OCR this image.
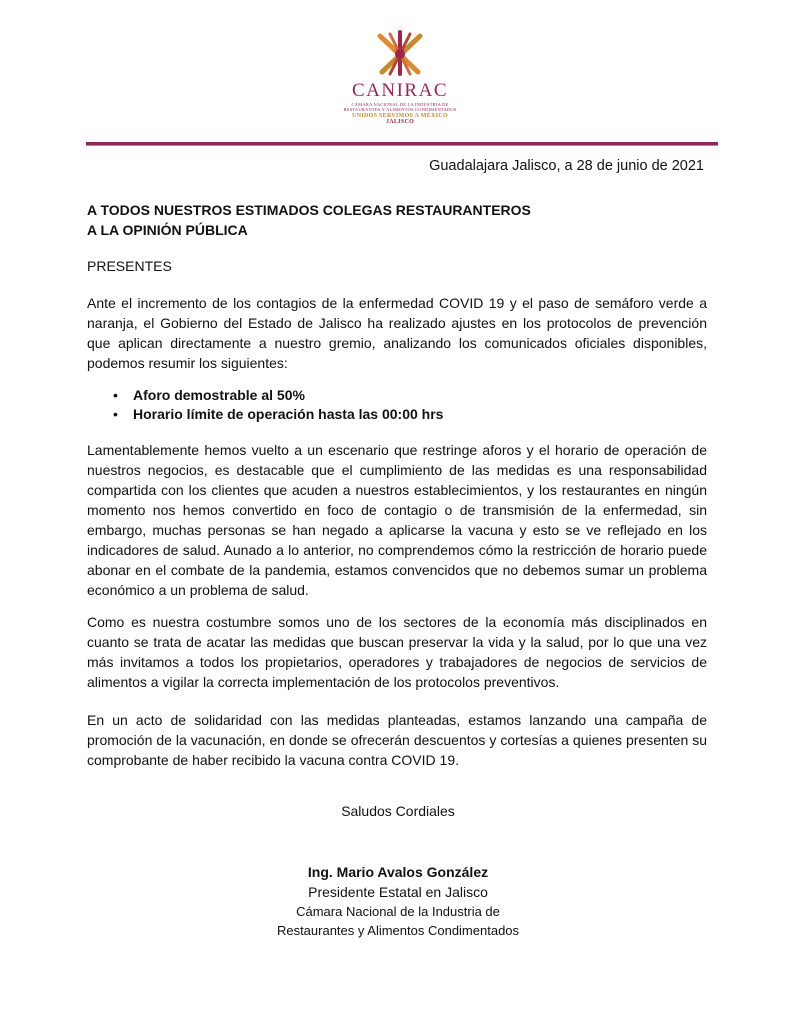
CANIRAC
CÁMARA NACIONAL DE LA INDUSTRIA DE
RESTAURANTES Y ALIMENTOS CONDIMENTADOS
UNIDOS SERVIMOS A MÉXICO
JALISCO
Guadalajara Jalisco, a 28 de junio de 2021
A TODOS NUESTROS ESTIMADOS COLEGAS RESTAURANTEROS
A LA OPINIÓN PÚBLICA
PRESENTES

Ante el incremento de los contagios de la enfermedad COVID 19 y el paso de semáforo verde a naranja, el Gobierno del Estado de Jalisco ha realizado ajustes en los protocolos de prevención que aplican directamente a nuestro gremio, analizando los comunicados oficiales disponibles, podemos resumir los siguientes:

• Aforo demostrable al 50%
• Horario límite de operación hasta las 00:00 hrs

Lamentablemente hemos vuelto a un escenario que restringe aforos y el horario de operación de nuestros negocios, es destacable que el cumplimiento de las medidas es una responsabilidad compartida con los clientes que acuden a nuestros establecimientos, y los restaurantes en ningún momento nos hemos convertido en foco de contagio o de transmisión de la enfermedad, sin embargo, muchas personas se han negado a aplicarse la vacuna y esto se ve reflejado en los indicadores de salud. Aunado a lo anterior, no comprendemos cómo la restricción de horario puede abonar en el combate de la pandemia, estamos convencidos que no debemos sumar un problema económico a un problema de salud.

Como es nuestra costumbre somos uno de los sectores de la economía más disciplinados en cuanto se trata de acatar las medidas que buscan preservar la vida y la salud, por lo que una vez más invitamos a todos los propietarios, operadores y trabajadores de negocios de servicios de alimentos a vigilar la correcta implementación de los protocolos preventivos.

En un acto de solidaridad con las medidas planteadas, estamos lanzando una campaña de promoción de la vacunación, en donde se ofrecerán descuentos y cortesías a quienes presenten su comprobante de haber recibido la vacuna contra COVID 19.

Saludos Cordiales
Ing. Mario Avalos González
Presidente Estatal en Jalisco
Cámara Nacional de la Industria de
Restaurantes y Alimentos Condimentados
